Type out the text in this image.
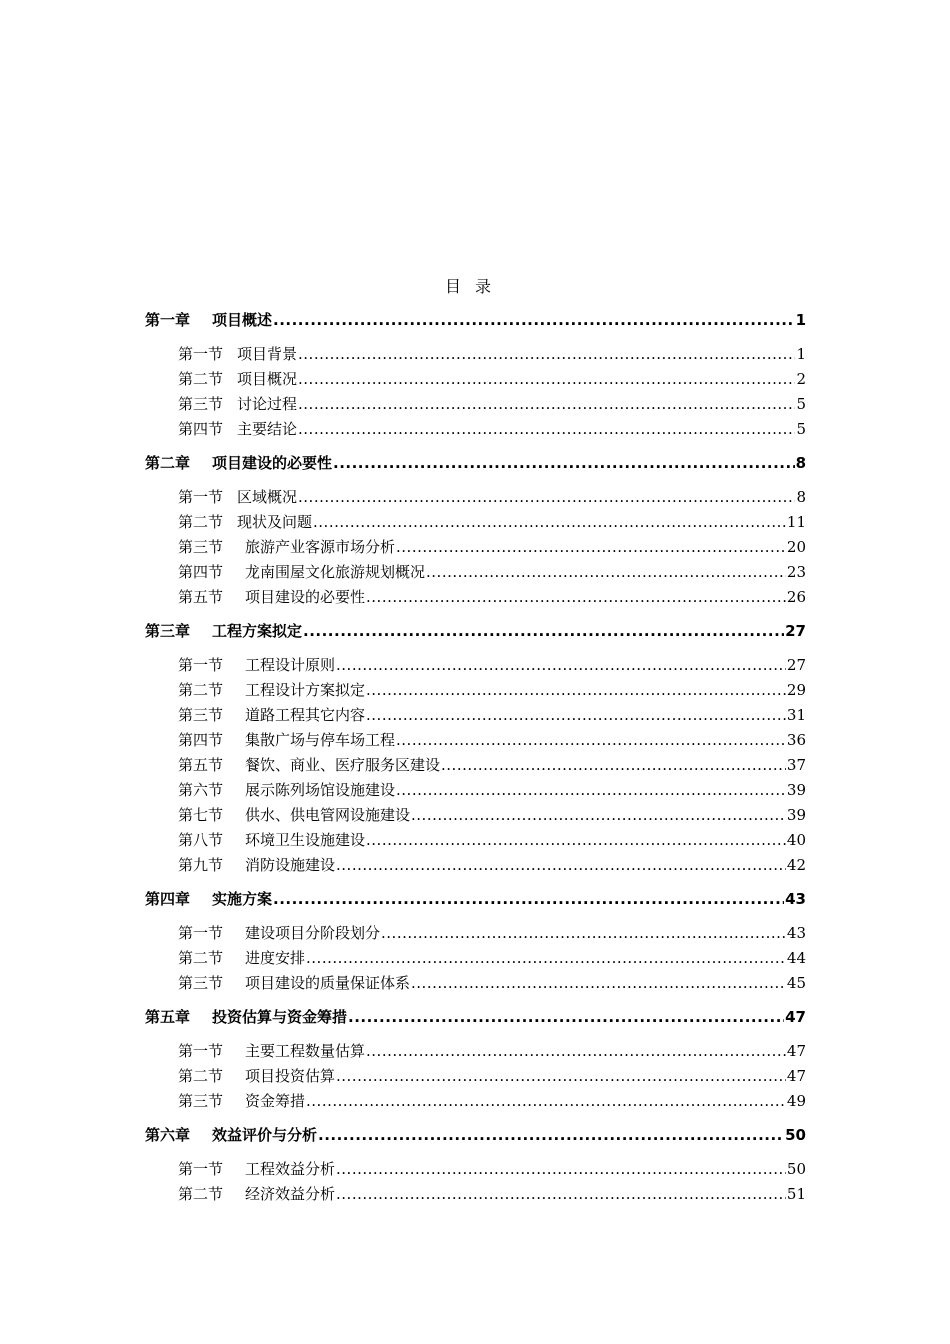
目录
第一章	项目概述 .....	1
第一节 项目背景 .....	1
第二节 项目概况 .....	2
第三节 讨论过程 .....	5
第四节 主要结论 .....	5
第二章	项目建设的必要性 .....	8
第一节 区域概况 .....	8
第二节 现状及问题 .....	11
第三节	旅游产业客源市场分析 .....	20
第四节	龙南围屋文化旅游规划概况 .....	23
第五节	项目建设的必要性 .....	26
第三章	工程方案拟定 .....	27
第一节	工程设计原则 .....	27
第二节	工程设计方案拟定 .....	29
第三节	道路工程其它内容 .....	31
第四节	集散广场与停车场工程 .....	36
第五节	餐饮、商业、医疗服务区建设 .....	37
第六节	展示陈列场馆设施建设 .....	39
第七节	供水、供电管网设施建设 .....	39
第八节	环境卫生设施建设 .....	40
第九节	消防设施建设 .....	42
第四章	实施方案 .....	43
第一节	建设项目分阶段划分 .....	43
第二节	进度安排 .....	44
第三节	项目建设的质量保证体系 .....	45
第五章	投资估算与资金筹措 .....	47
第一节	主要工程数量估算 .....	47
第二节	项目投资估算 .....	47
第三节	资金筹措 .....	49
第六章	效益评价与分析 .....	50
第一节	工程效益分析 .....	50
第二节	经济效益分析 .....	51
